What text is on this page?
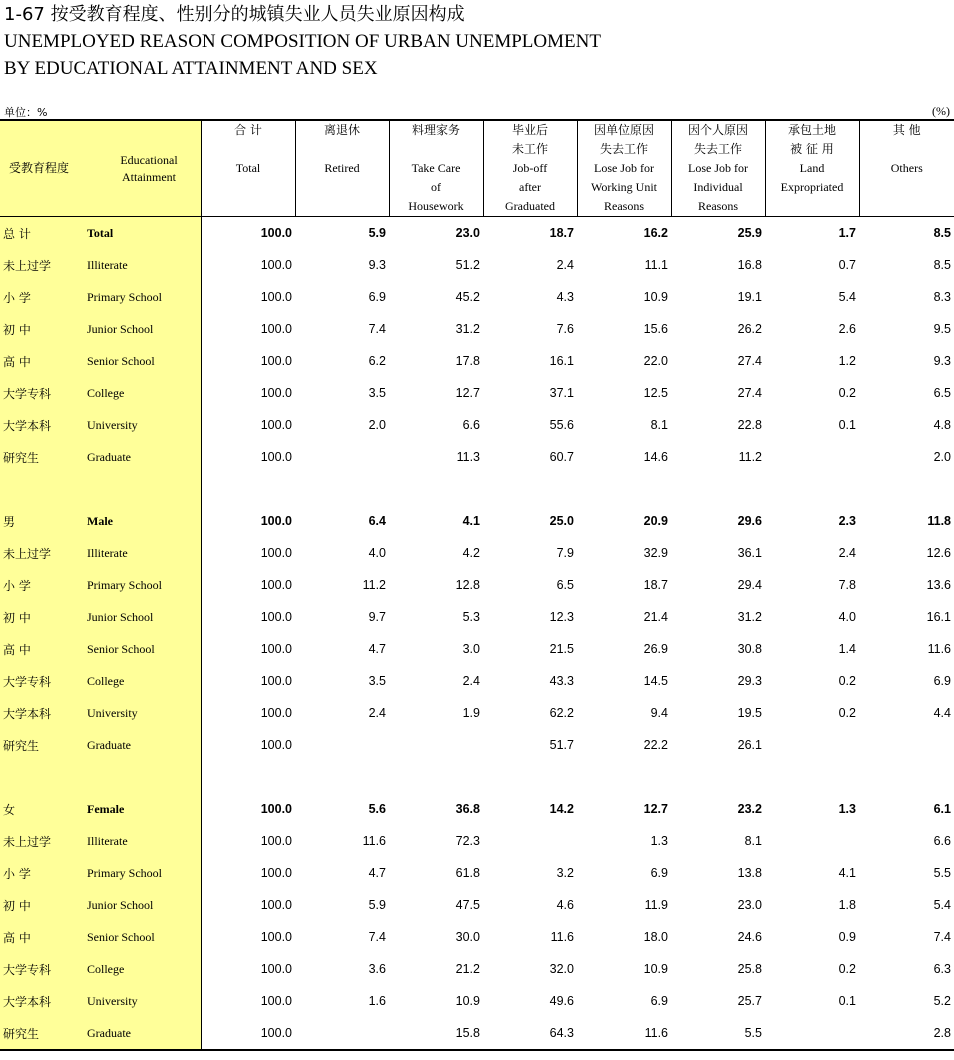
1-67 按受教育程度、性别分的城镇失业人员失业原因构成
UNEMPLOYED REASON COMPOSITION OF URBAN UNEMPLOMENT
BY EDUCATIONAL ATTAINMENT AND SEX
单位：%	(%)
受教育程度Educational
Attainment	合 计

Total	离退休

Retired	料理家务

Take Care
of
Housework	毕业后
未工作
Job-off
after
Graduated	因单位原因
失去工作
Lose Job for
Working Unit
Reasons	因个人原因
失去工作
Lose Job for
Individual
Reasons	承包土地
被 征 用
Land
Expropriated	其 他

Others

总 计 Total	100.0	5.9	23.0	18.7	16.2	25.9	1.7	8.5
未上过学 Illiterate	100.0	9.3	51.2	2.4	11.1	16.8	0.7	8.5
小 学 Primary School	100.0	6.9	45.2	4.3	10.9	19.1	5.4	8.3
初 中 Junior School	100.0	7.4	31.2	7.6	15.6	26.2	2.6	9.5
高 中 Senior School	100.0	6.2	17.8	16.1	22.0	27.4	1.2	9.3
大学专科 College	100.0	3.5	12.7	37.1	12.5	27.4	0.2	6.5
大学本科 University	100.0	2.0	6.6	55.6	8.1	22.8	0.1	4.8
研究生 Graduate	100.0		11.3	60.7	14.6	11.2		2.0

男 Male	100.0	6.4	4.1	25.0	20.9	29.6	2.3	11.8
未上过学 Illiterate	100.0	4.0	4.2	7.9	32.9	36.1	2.4	12.6
小 学 Primary School	100.0	11.2	12.8	6.5	18.7	29.4	7.8	13.6
初 中 Junior School	100.0	9.7	5.3	12.3	21.4	31.2	4.0	16.1
高 中 Senior School	100.0	4.7	3.0	21.5	26.9	30.8	1.4	11.6
大学专科 College	100.0	3.5	2.4	43.3	14.5	29.3	0.2	6.9
大学本科 University	100.0	2.4	1.9	62.2	9.4	19.5	0.2	4.4
研究生 Graduate	100.0			51.7	22.2	26.1		

女 Female	100.0	5.6	36.8	14.2	12.7	23.2	1.3	6.1
未上过学 Illiterate	100.0	11.6	72.3		1.3	8.1		6.6
小 学 Primary School	100.0	4.7	61.8	3.2	6.9	13.8	4.1	5.5
初 中 Junior School	100.0	5.9	47.5	4.6	11.9	23.0	1.8	5.4
高 中 Senior School	100.0	7.4	30.0	11.6	18.0	24.6	0.9	7.4
大学专科 College	100.0	3.6	21.2	32.0	10.9	25.8	0.2	6.3
大学本科 University	100.0	1.6	10.9	49.6	6.9	25.7	0.1	5.2
研究生 Graduate	100.0		15.8	64.3	11.6	5.5		2.8
